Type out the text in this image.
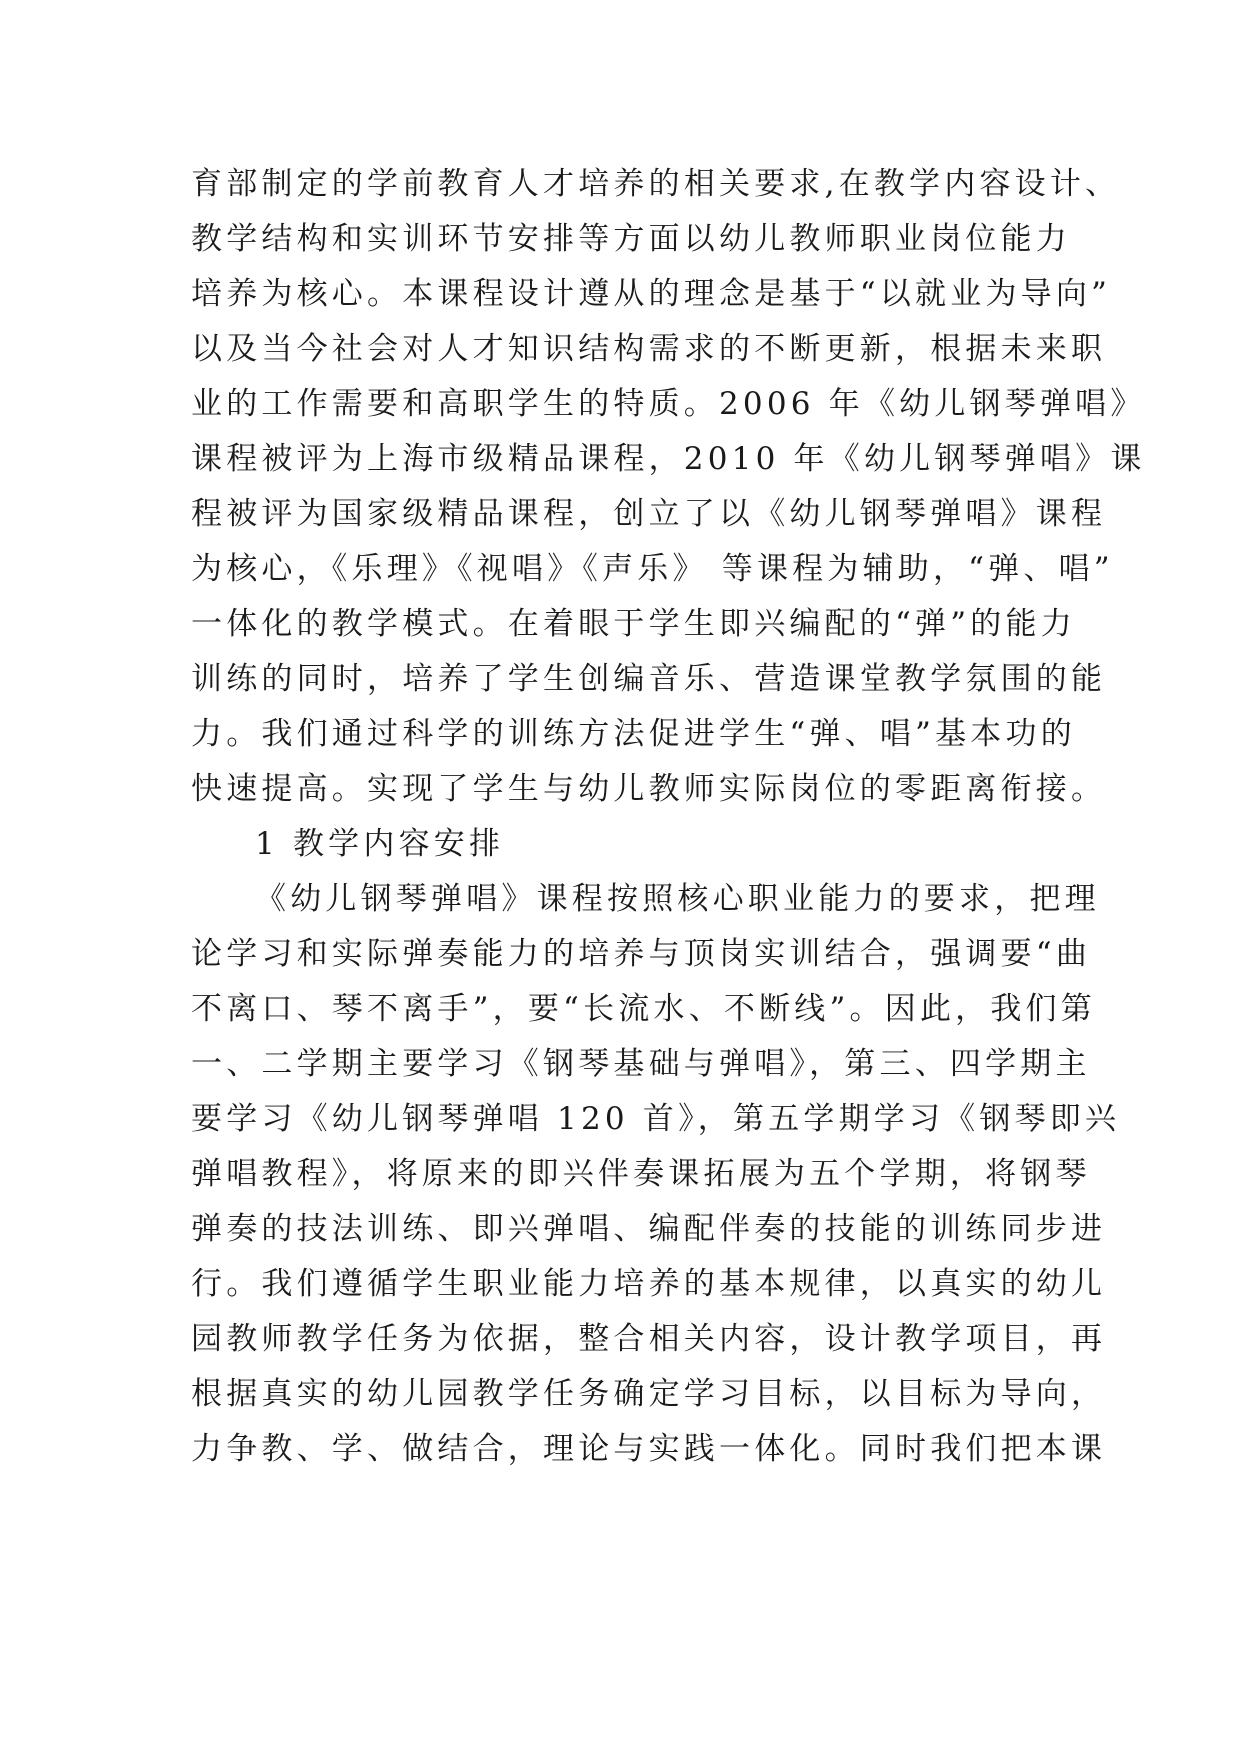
育部制定的学前教育人才培养的相关要求,在教学内容设计、
教学结构和实训环节安排等方面以幼儿教师职业岗位能力
培养为核心。本课程设计遵从的理念是基于“以就业为导向”
以及当今社会对人才知识结构需求的不断更新，根据未来职
业的工作需要和高职学生的特质。2006 年《幼儿钢琴弹唱》
课程被评为上海市级精品课程，2010 年《幼儿钢琴弹唱》课
程被评为国家级精品课程，创立了以《幼儿钢琴弹唱》课程
为核心，《乐理》《视唱》《声乐》 等课程为辅助，“弹、唱”
一体化的教学模式。在着眼于学生即兴编配的“弹”的能力
训练的同时，培养了学生创编音乐、营造课堂教学氛围的能
力。我们通过科学的训练方法促进学生“弹、唱”基本功的
快速提高。实现了学生与幼儿教师实际岗位的零距离衔接。
1 教学内容安排
《幼儿钢琴弹唱》课程按照核心职业能力的要求，把理
论学习和实际弹奏能力的培养与顶岗实训结合，强调要“曲
不离口、琴不离手”，要“长流水、不断线”。因此，我们第
一、二学期主要学习《钢琴基础与弹唱》，第三、四学期主
要学习《幼儿钢琴弹唱 120 首》，第五学期学习《钢琴即兴
弹唱教程》，将原来的即兴伴奏课拓展为五个学期，将钢琴
弹奏的技法训练、即兴弹唱、编配伴奏的技能的训练同步进
行。我们遵循学生职业能力培养的基本规律，以真实的幼儿
园教师教学任务为依据，整合相关内容，设计教学项目，再
根据真实的幼儿园教学任务确定学习目标，以目标为导向，
力争教、学、做结合，理论与实践一体化。同时我们把本课
